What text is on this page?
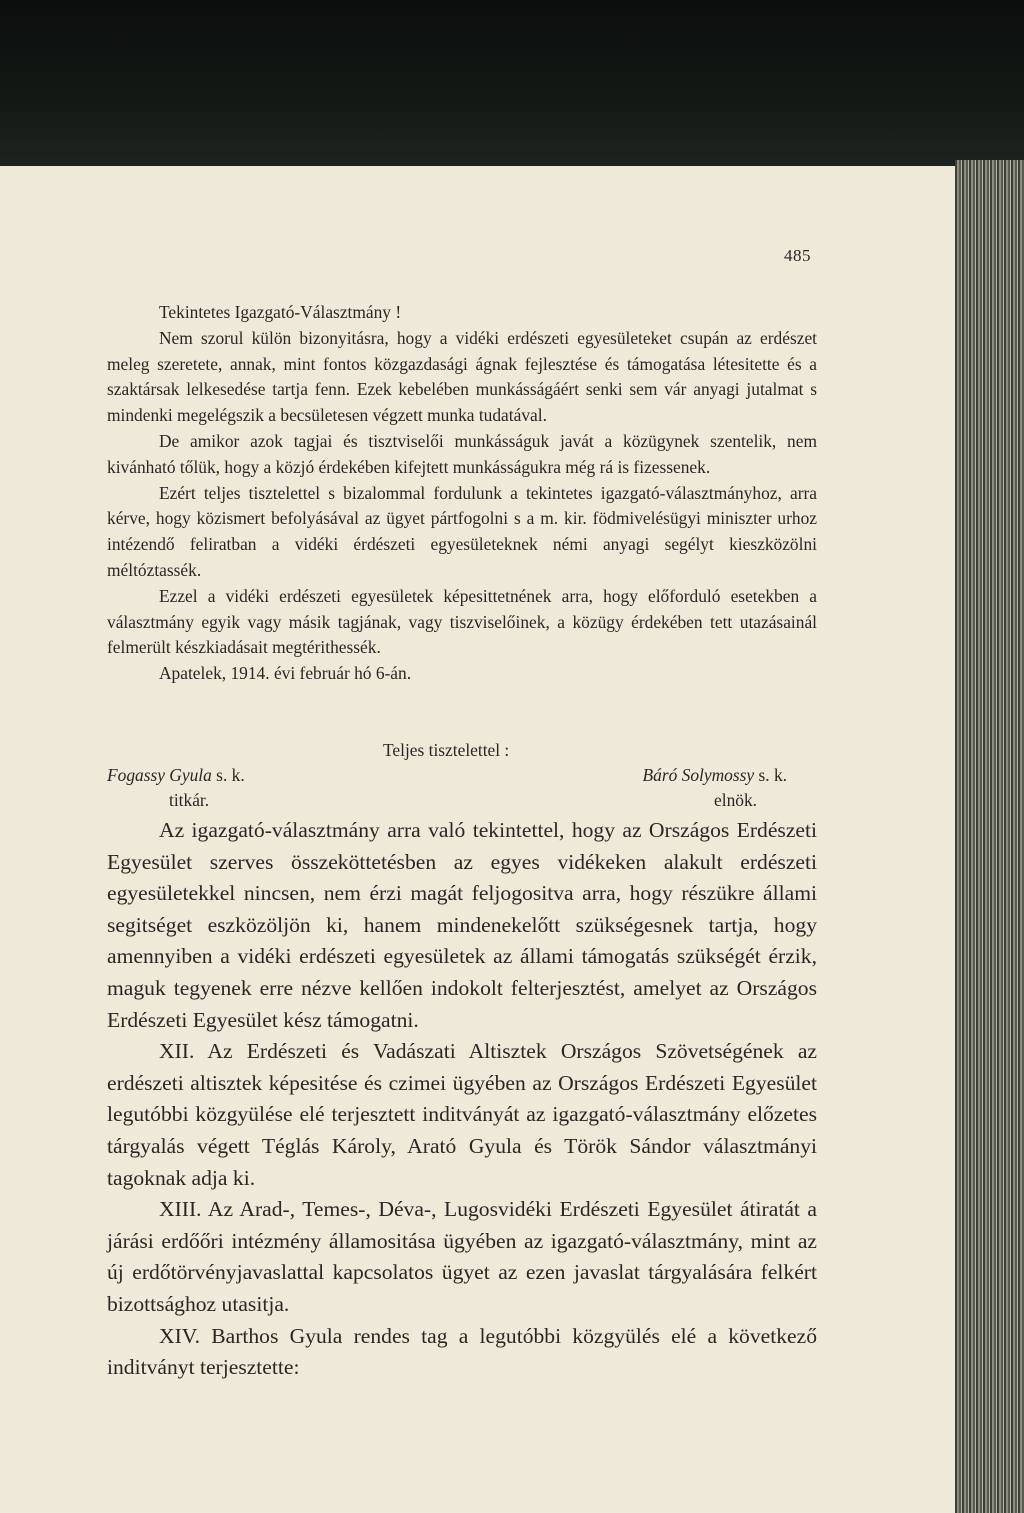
485

Tekintetes Igazgató-Választmány !

Nem szorul külön bizonyitásra, hogy a vidéki erdészeti egyesületeket csupán az erdészet meleg szeretete, annak, mint fontos közgazdasági ágnak fejlesztése és támogatása létesitette és a szaktársak lelkesedése tartja fenn. Ezek kebelében munkásságáért senki sem vár anyagi jutalmat s mindenki megelégszik a becsületesen végzett munka tudatával.

De amikor azok tagjai és tisztviselői munkásságuk javát a közügynek szentelik, nem kivánható tőlük, hogy a közjó érdekében kifejtett munkásságukra még rá is fizessenek.

Ezért teljes tisztelettel s bizalommal fordulunk a tekintetes igazgató-választmányhoz, arra kérve, hogy közismert befolyásával az ügyet pártfogolni s a m. kir. födmivelésügyi miniszter urhoz intézendő feliratban a vidéki érdészeti egyesületeknek némi anyagi segélyt kieszközölni méltóztassék.

Ezzel a vidéki erdészeti egyesületek képesittetnének arra, hogy előforduló esetekben a választmány egyik vagy másik tagjának, vagy tiszviselőinek, a közügy érdekében tett utazásainál felmerült készkiadásait megtérithessék.

Apatelek, 1914. évi február hó 6-án.

Teljes tisztelettel :
Fogassy Gyula s. k.	Báró Solymossy s. k.
titkár.	elnök.

Az igazgató-választmány arra való tekintettel, hogy az Országos Erdészeti Egyesület szerves összeköttetésben az egyes vidékeken alakult erdészeti egyesületekkel nincsen, nem érzi magát feljogositva arra, hogy részükre állami segitséget eszközöljön ki, hanem mindenekelőtt szükségesnek tartja, hogy amennyiben a vidéki erdészeti egyesületek az állami támogatás szükségét érzik, maguk tegyenek erre nézve kellően indokolt felterjesztést, amelyet az Országos Erdészeti Egyesület kész támogatni.

XII. Az Erdészeti és Vadászati Altisztek Országos Szövetségének az erdészeti altisztek képesitése és czimei ügyében az Országos Erdészeti Egyesület legutóbbi közgyülése elé terjesztett inditványát az igazgató-választmány előzetes tárgyalás végett Téglás Károly, Arató Gyula és Török Sándor választmányi tagoknak adja ki.

XIII. Az Arad-, Temes-, Déva-, Lugosvidéki Erdészeti Egyesület átiratát a járási erdőőri intézmény államositása ügyében az igazgató-választmány, mint az új erdőtörvényjavaslattal kapcsolatos ügyet az ezen javaslat tárgyalására felkért bizottsághoz utasitja.

XIV. Barthos Gyula rendes tag a legutóbbi közgyülés elé a következő inditványt terjesztette:
